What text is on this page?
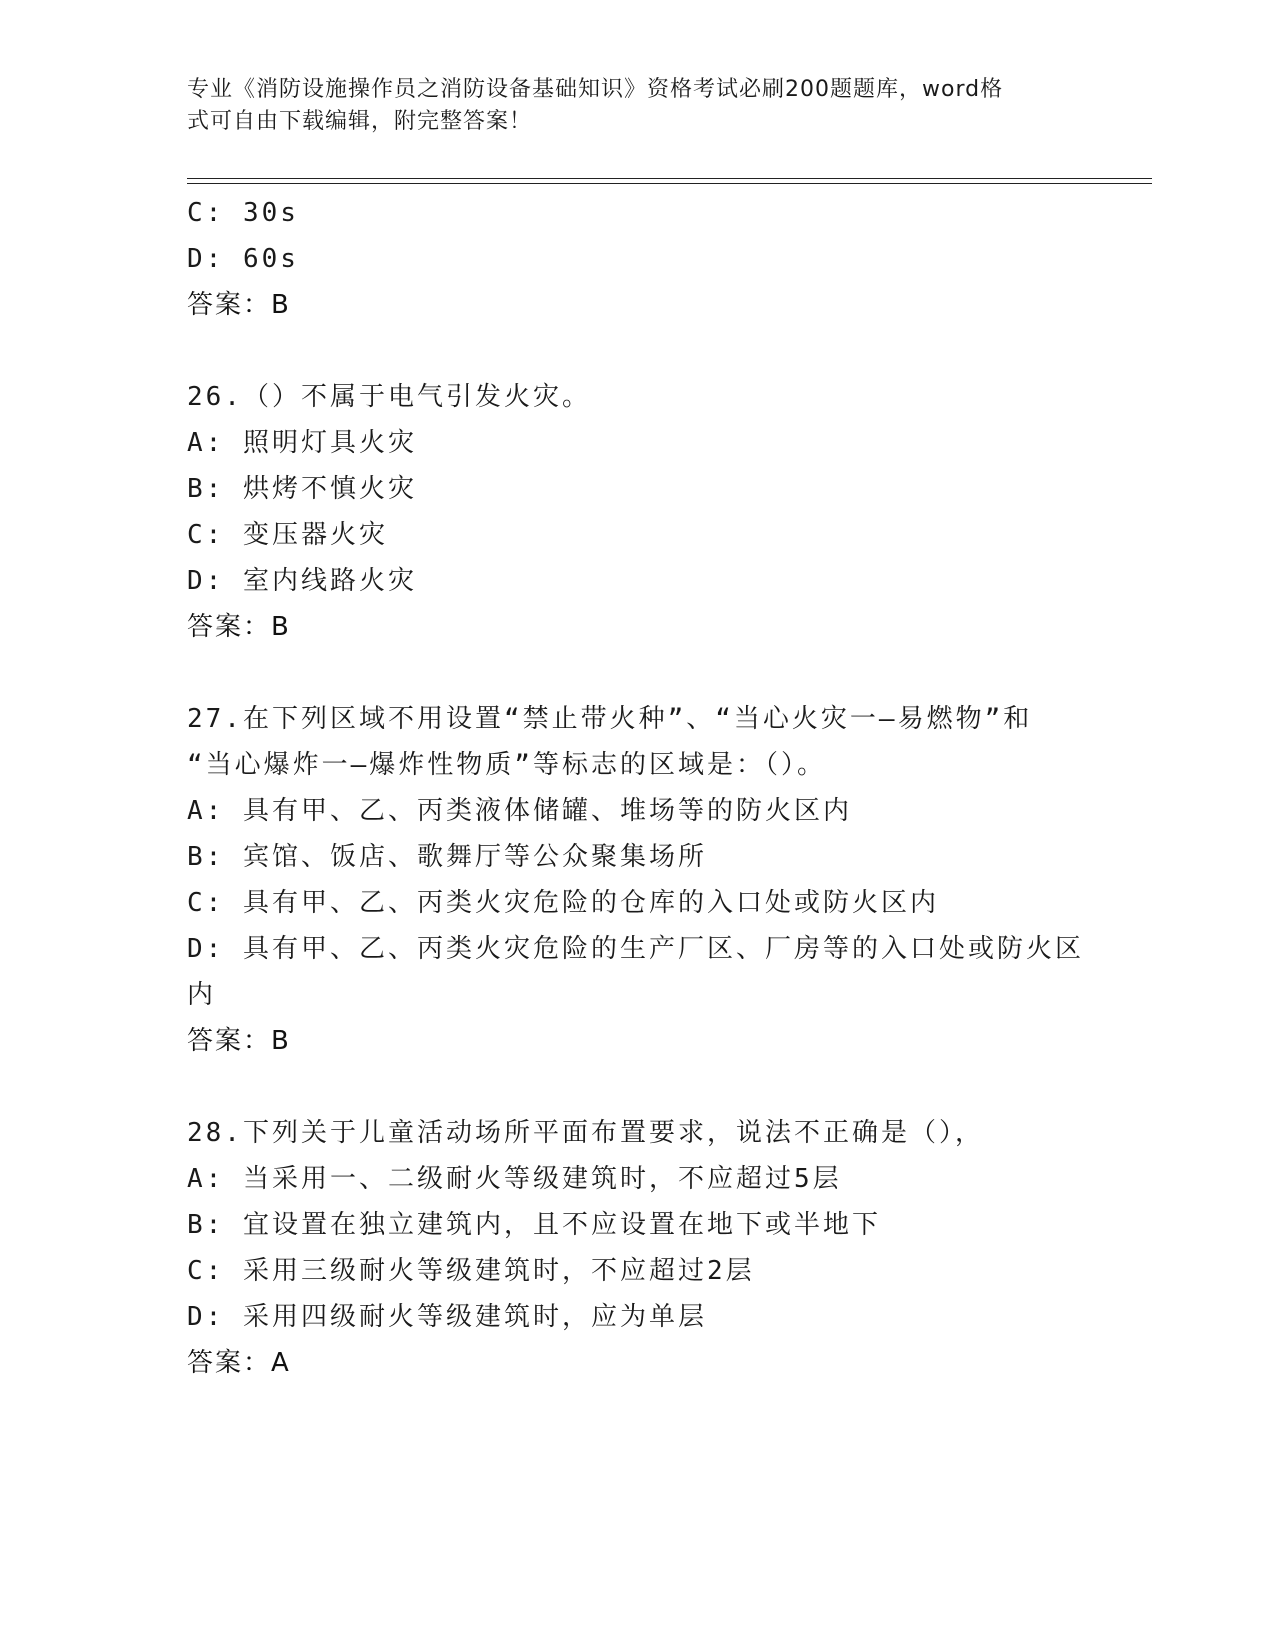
专业《消防设施操作员之消防设备基础知识》资格考试必刷200题题库，word格
式可自由下载编辑，附完整答案！
C: 30s
D: 60s
答案：B
26.（）不属于电气引发火灾。
A: 照明灯具火灾
B: 烘烤不慎火灾
C: 变压器火灾
D: 室内线路火灾
答案：B
27.在下列区域不用设置“禁止带火种”、“当心火灾一—易燃物”和
“当心爆炸一—爆炸性物质”等标志的区域是：（）。
A: 具有甲、乙、丙类液体储罐、堆场等的防火区内
B: 宾馆、饭店、歌舞厅等公众聚集场所
C: 具有甲、乙、丙类火灾危险的仓库的入口处或防火区内
D: 具有甲、乙、丙类火灾危险的生产厂区、厂房等的入口处或防火区
内
答案：B
28.下列关于儿童活动场所平面布置要求，说法不正确是（），
A: 当采用一、二级耐火等级建筑时，不应超过5层
B: 宜设置在独立建筑内，且不应设置在地下或半地下
C: 采用三级耐火等级建筑时，不应超过2层
D: 采用四级耐火等级建筑时，应为单层
答案：A
